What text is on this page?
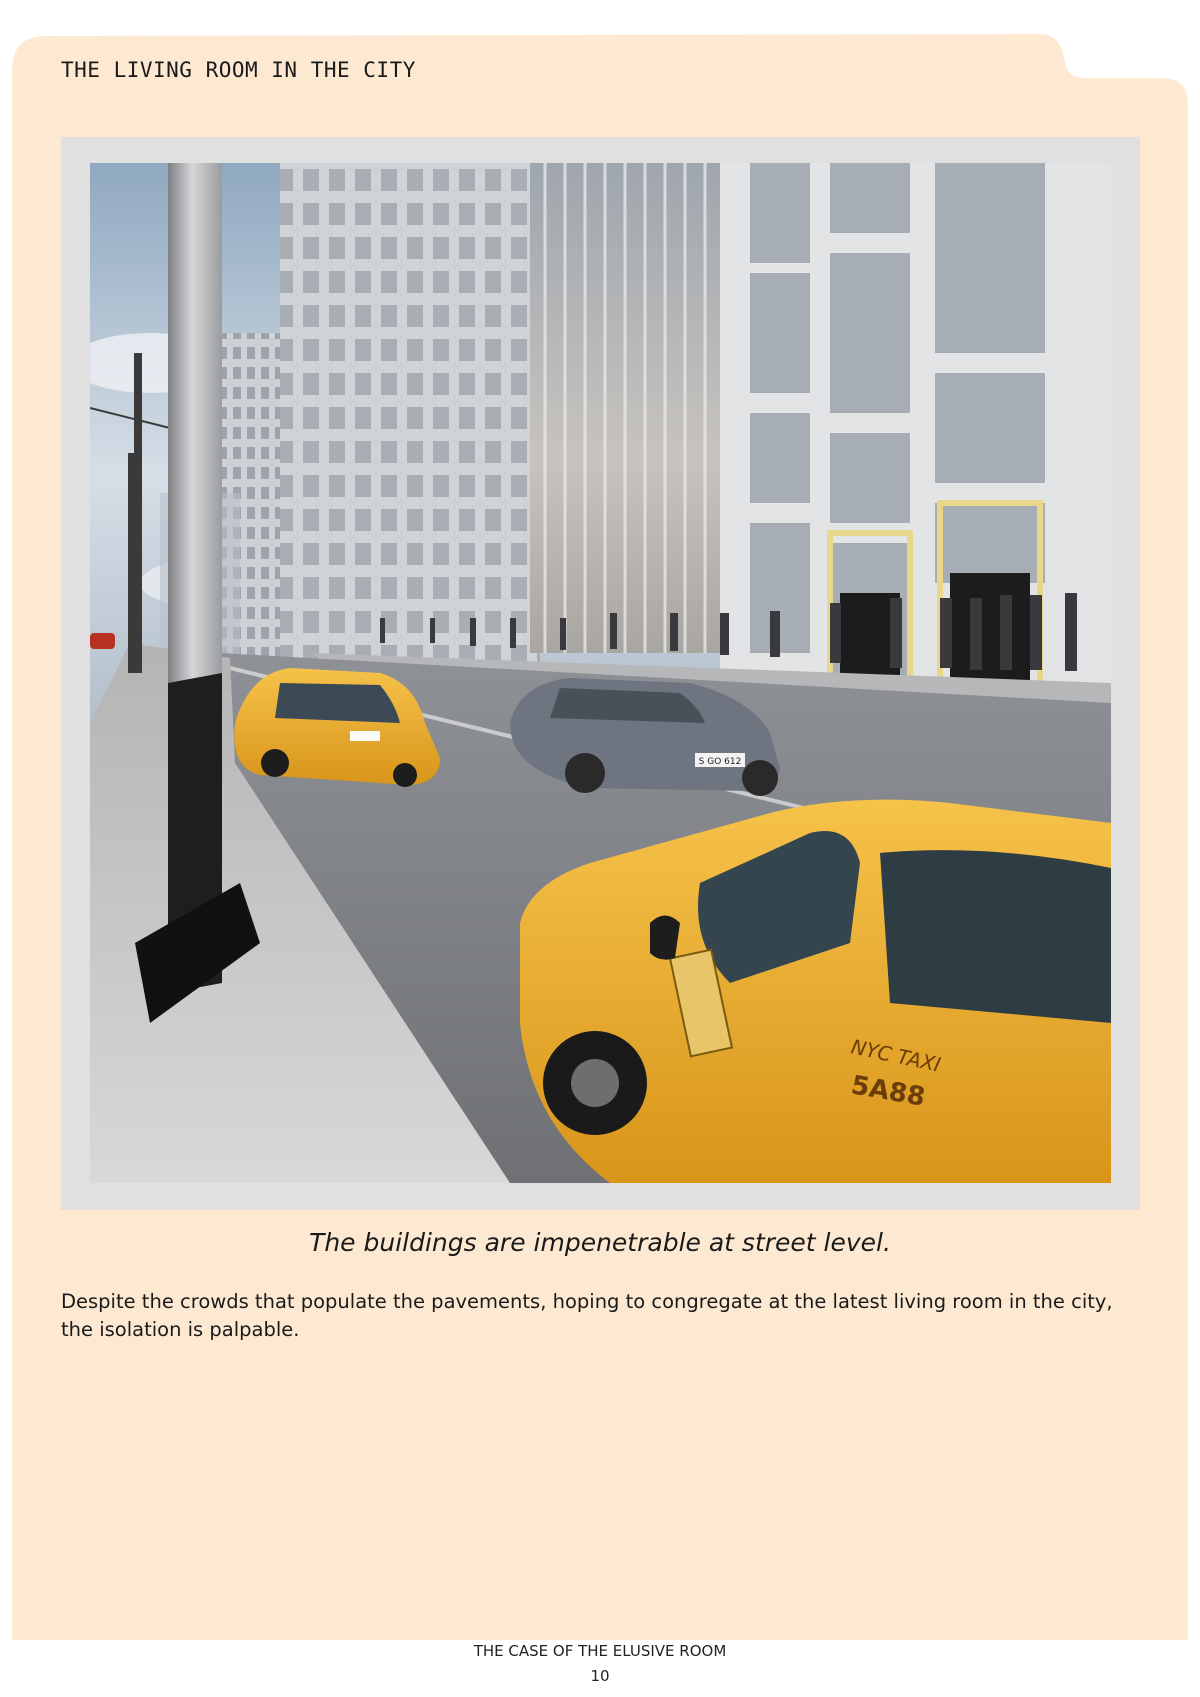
THE LIVING ROOM IN THE CITY
S GO 612
NYC TAXI
5A88
The buildings are impenetrable at street level.
Despite the crowds that populate the pavements, hoping to congregate at the latest living room in the city, the isolation is palpable.
THE CASE OF THE ELUSIVE ROOM
10
